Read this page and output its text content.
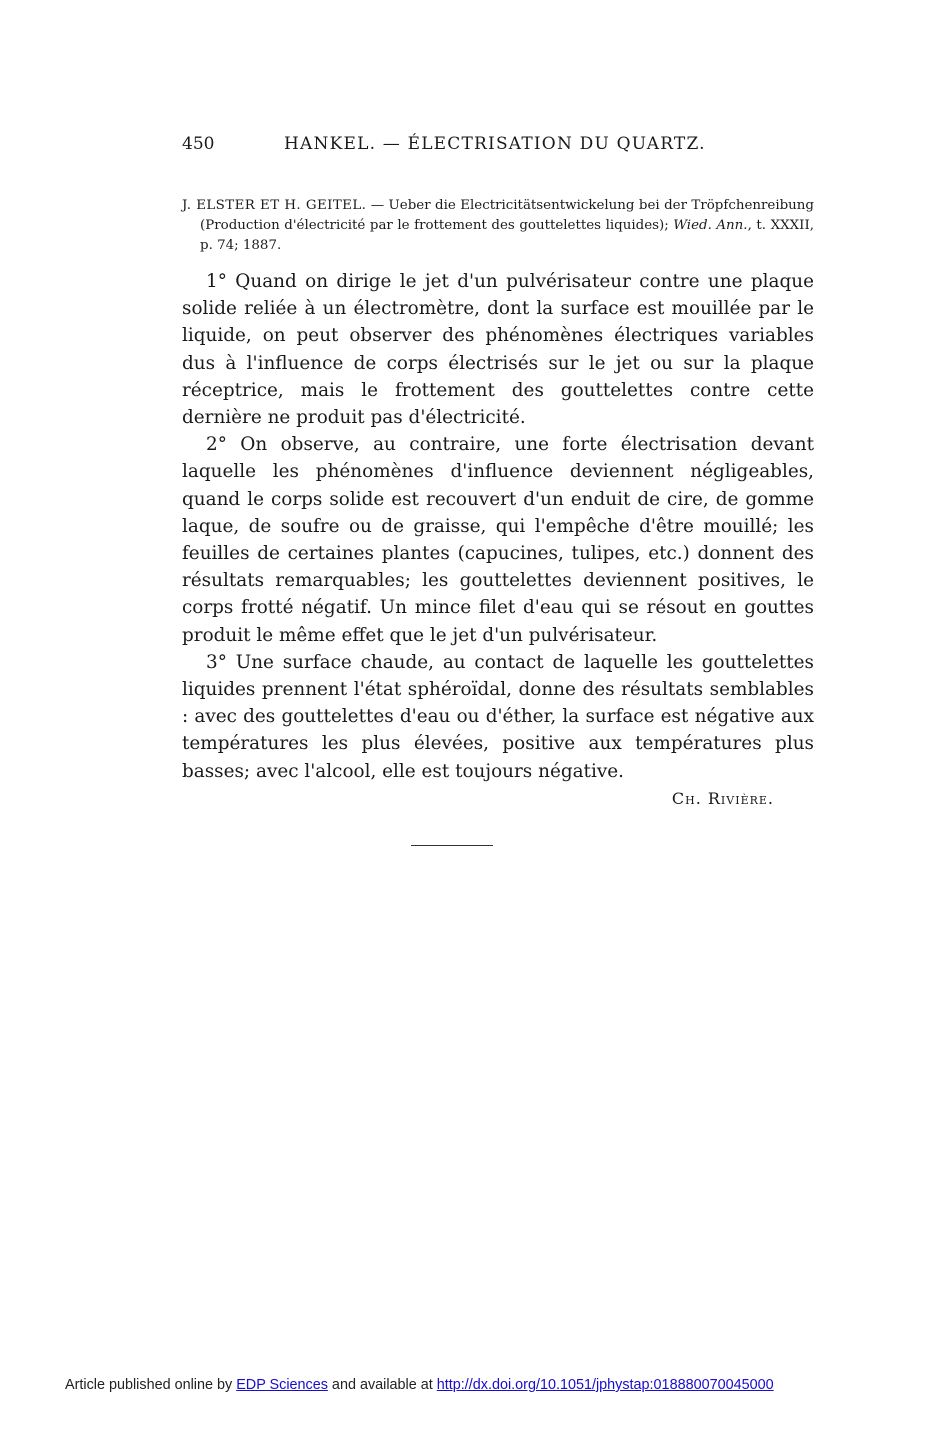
450	HANKEL. — ÉLECTRISATION DU QUARTZ.
J. ELSTER ET H. GEITEL. — Ueber die Electricitätsentwickelung bei der Tröpfchenreibung (Production d'électricité par le frottement des gouttelettes liquides); Wied. Ann., t. XXXII, p. 74; 1887.

1° Quand on dirige le jet d'un pulvérisateur contre une plaque solide reliée à un électromètre, dont la surface est mouillée par le liquide, on peut observer des phénomènes électriques variables dus à l'influence de corps électrisés sur le jet ou sur la plaque réceptrice, mais le frottement des gouttelettes contre cette dernière ne produit pas d'électricité.

2° On observe, au contraire, une forte électrisation devant laquelle les phénomènes d'influence deviennent négligeables, quand le corps solide est recouvert d'un enduit de cire, de gomme laque, de soufre ou de graisse, qui l'empêche d'être mouillé; les feuilles de certaines plantes (capucines, tulipes, etc.) donnent des résultats remarquables; les gouttelettes deviennent positives, le corps frotté négatif. Un mince filet d'eau qui se résout en gouttes produit le même effet que le jet d'un pulvérisateur.

3° Une surface chaude, au contact de laquelle les gouttelettes liquides prennent l'état sphéroïdal, donne des résultats semblables : avec des gouttelettes d'eau ou d'éther, la surface est négative aux températures les plus élevées, positive aux températures plus basses; avec l'alcool, elle est toujours négative.

Ch. Rivière.
Article published online by EDP Sciences and available at http://dx.doi.org/10.1051/jphystap:018880070045000
